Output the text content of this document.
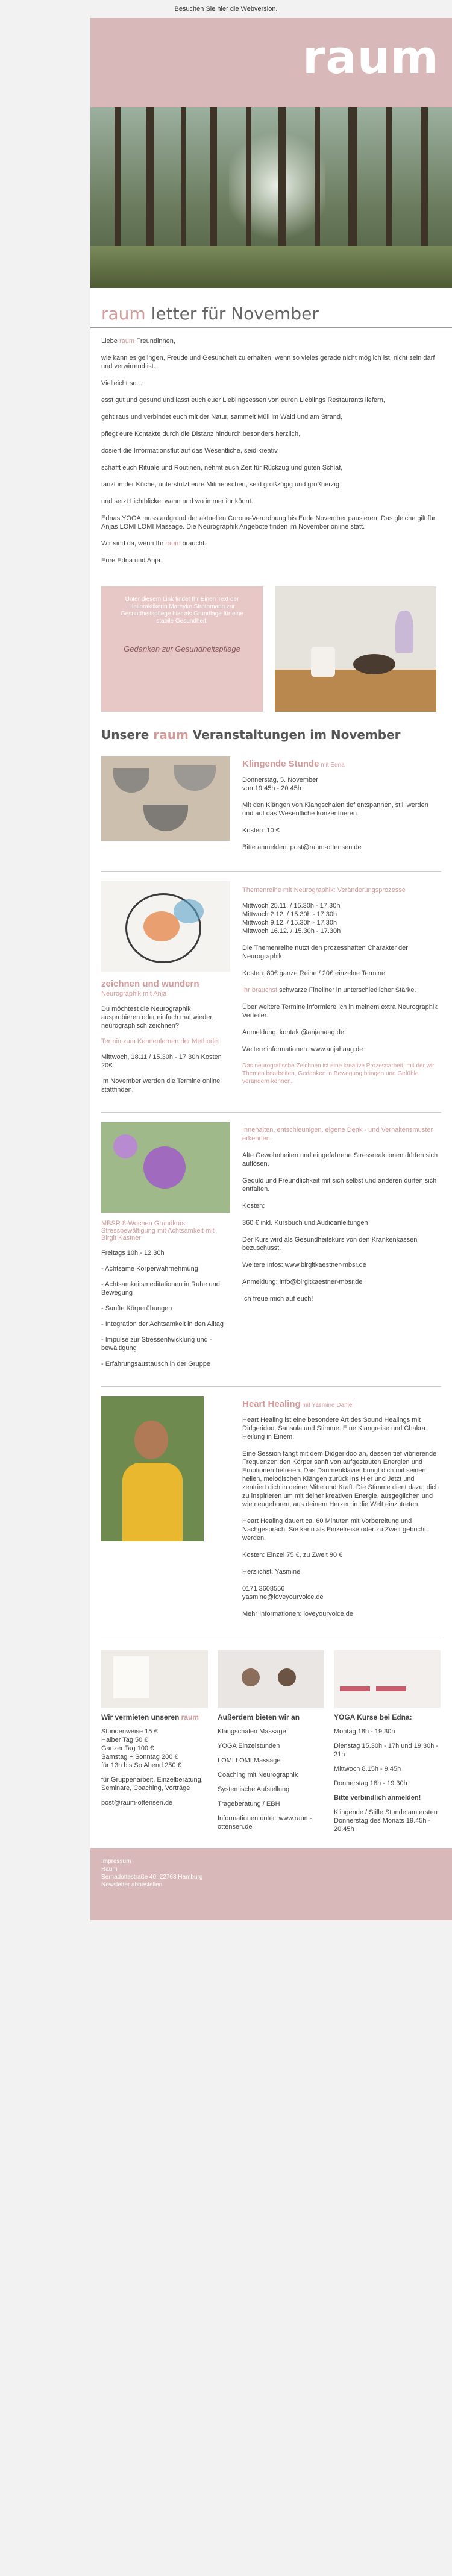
Besuchen Sie hier die Webversion.
raum
raum letter für November

Liebe raum Freundinnen,

wie kann es gelingen, Freude und Gesundheit zu erhalten, wenn so vieles gerade nicht möglich ist, nicht sein darf und verwirrend ist.

Vielleicht so...

esst gut und gesund und lasst euch euer Lieblingsessen von euren Lieblings Restaurants liefern,

geht raus und verbindet euch mit der Natur, sammelt Müll im Wald und am Strand,

pflegt eure Kontakte durch die Distanz hindurch besonders herzlich,

dosiert die Informationsflut auf das Wesentliche, seid kreativ,

schafft euch Rituale und Routinen, nehmt euch Zeit für Rückzug und guten Schlaf,

tanzt in der Küche, unterstützt eure Mitmenschen, seid großzügig und großherzig

und setzt Lichtblicke, wann und wo immer ihr könnt.

Ednas YOGA muss aufgrund der aktuellen Corona-Verordnung bis Ende November pausieren. Das gleiche gilt für Anjas LOMI LOMI Massage. Die Neurographik Angebote finden im November online statt.

Wir sind da, wenn Ihr raum braucht.

Eure Edna und Anja

Unter diesem Link findet Ihr Einen Text der Heilpraktikerin Mareyke Strothmann zur Gesundheitspflege hier als Grundlage für eine stabile Gesundheit.
Gedanken zur Gesundheitspflege
Unsere raum Veranstaltungen im November
Klingende Stunde mit Edna

Donnerstag, 5. November
von 19.45h - 20.45h

Mit den Klängen von Klangschalen tief entspannen, still werden und auf das Wesentliche konzentrieren.

Kosten: 10 €

Bitte anmelden: post@raum-ottensen.de

zeichnen und wundern
Neurographik mit Anja

Du möchtest die Neurographik ausprobieren oder einfach mal wieder, neurographisch zeichnen?

Termin zum Kennenlernen der Methode:

Mittwoch, 18.11 / 15.30h - 17.30h Kosten 20€

Im November werden die Termine online stattfinden.

Themenreihe mit Neurographik: Veränderungsprozesse

Mittwoch 25.11. / 15.30h - 17.30h
Mittwoch 2.12. / 15.30h - 17.30h
Mittwoch 9.12. / 15.30h - 17.30h
Mittwoch 16.12. / 15.30h - 17.30h

Die Themenreihe nutzt den prozesshaften Charakter der Neurographik.

Kosten: 80€ ganze Reihe / 20€ einzelne Termine

Ihr brauchst schwarze Fineliner in unterschiedlicher Stärke.

Über weitere Termine informiere ich in meinem extra Neurographik Verteiler.

Anmeldung: kontakt@anjahaag.de

Weitere informationen: www.anjahaag.de

Das neurografische Zeichnen ist eine kreative Prozessarbeit, mit der wir Themen bearbeiten, Gedanken in Bewegung bringen und Gefühle verändern können.

MBSR 8-Wochen Grundkurs Stressbewältigung mit Achtsamkeit mit Birgit Kästner

Freitags 10h - 12.30h

- Achtsame Körperwahrnehmung

- Achtsamkeitsmeditationen in Ruhe und Bewegung

- Sanfte Körperübungen

- Integration der Achtsamkeit in den Alltag

- Impulse zur Stressentwicklung und -bewältigung

- Erfahrungsaustausch in der Gruppe

Innehalten, entschleunigen, eigene Denk - und Verhaltensmuster erkennen.

Alte Gewohnheiten und eingefahrene Stressreaktionen dürfen sich auflösen.

Geduld und Freundlichkeit mit sich selbst und anderen dürfen sich entfalten.

Kosten:

360 € inkl. Kursbuch und Audioanleitungen

Der Kurs wird als Gesundheitskurs von den Krankenkassen bezuschusst.

Weitere Infos: www.birgitkaestner-mbsr.de

Anmeldung: info@birgitkaestner-mbsr.de

Ich freue mich auf euch!

Heart Healing mit Yasmine Daniel

Heart Healing ist eine besondere Art des Sound Healings mit Didgeridoo, Sansula und Stimme. Eine Klangreise und Chakra Heilung in Einem.

Eine Session fängt mit dem Didgeridoo an, dessen tief vibrierende Frequenzen den Körper sanft von aufgestauten Energien und Emotionen befreien. Das Daumenklavier bringt dich mit seinen hellen, melodischen Klängen zurück ins Hier und Jetzt und zentriert dich in deiner Mitte und Kraft. Die Stimme dient dazu, dich zu inspirieren um mit deiner kreativen Energie, ausgeglichen und wie neugeboren, aus deinem Herzen in die Welt einzutreten.

Heart Healing dauert ca. 60 Minuten mit Vorbereitung und Nachgespräch. Sie kann als Einzelreise oder zu Zweit gebucht werden.

Kosten: Einzel 75 €, zu Zweit 90 €

Herzlichst, Yasmine

0171 3608556
yasmine@loveyourvoice.de

Mehr Informationen: loveyourvoice.de

Wir vermieten unseren raum

Stundenweise 15 €
Halber Tag 50 €
Ganzer Tag 100 €
Samstag + Sonntag 200 €
für 13h bis So Abend 250 €

für Gruppenarbeit, Einzelberatung, Seminare, Coaching, Vorträge

post@raum-ottensen.de

Außerdem bieten wir an

Klangschalen Massage

YOGA Einzelstunden

LOMI LOMI Massage

Coaching mit Neurographik

Systemische Aufstellung

Trageberatung / EBH

Informationen unter: www.raum-ottensen.de

YOGA Kurse bei Edna:

Montag 18h - 19.30h

Dienstag 15.30h - 17h und 19.30h - 21h

Mittwoch 8.15h - 9.45h

Donnerstag 18h - 19.30h

Bitte verbindlich anmelden!

Klingende / Stille Stunde am ersten Donnerstag des Monats 19.45h - 20.45h

Impressum
Raum
Bernadottestraße 40, 22763 Hamburg
Newsletter abbestellen
